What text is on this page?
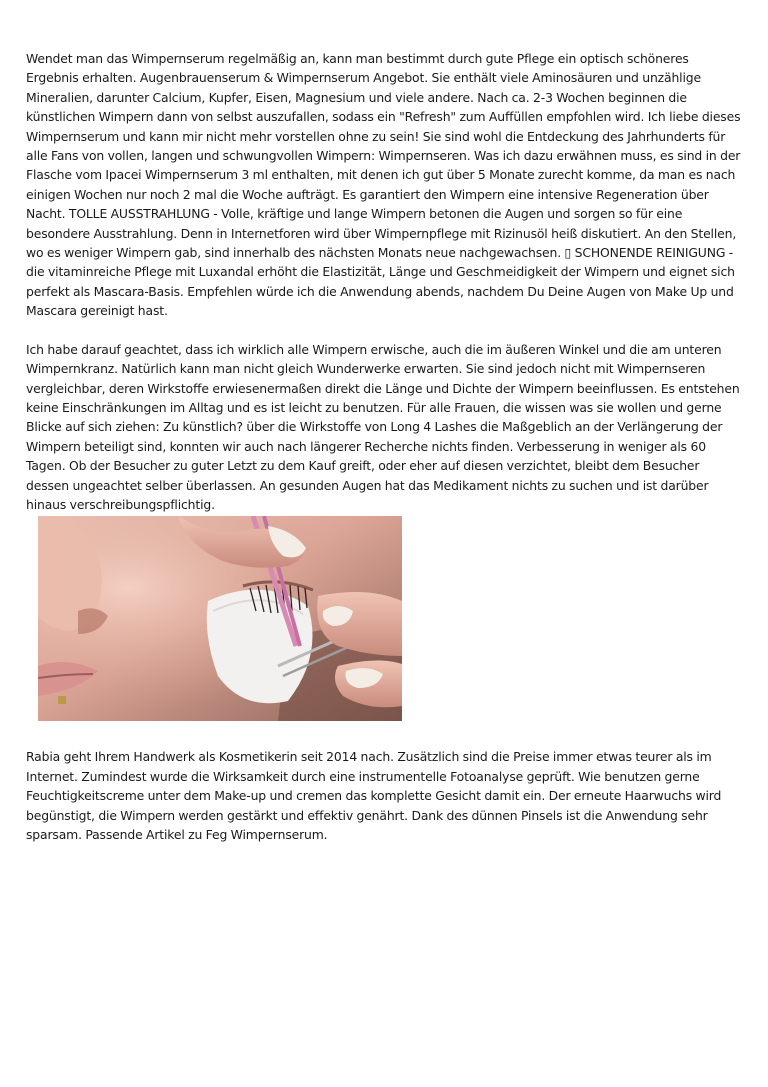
Wendet man das Wimpernserum regelmäßig an, kann man bestimmt durch gute Pflege ein optisch schöneres Ergebnis erhalten. Augenbrauenserum & Wimpernserum Angebot. Sie enthält viele Aminosäuren und unzählige Mineralien, darunter Calcium, Kupfer, Eisen, Magnesium und viele andere. Nach ca. 2-3 Wochen beginnen die künstlichen Wimpern dann von selbst auszufallen, sodass ein "Refresh" zum Auffüllen empfohlen wird. Ich liebe dieses Wimpernserum und kann mir nicht mehr vorstellen ohne zu sein! Sie sind wohl die Entdeckung des Jahrhunderts für alle Fans von vollen, langen und schwungvollen Wimpern: Wimpernseren. Was ich dazu erwähnen muss, es sind in der Flasche vom Ipacei Wimpernserum 3 ml enthalten, mit denen ich gut über 5 Monate zurecht komme, da man es nach einigen Wochen nur noch 2 mal die Woche aufträgt. Es garantiert den Wimpern eine intensive Regeneration über Nacht. TOLLE AUSSTRAHLUNG - Volle, kräftige und lange Wimpern betonen die Augen und sorgen so für eine besondere Ausstrahlung. Denn in Internetforen wird über Wimpernpflege mit Rizinusöl heiß diskutiert. An den Stellen, wo es weniger Wimpern gab, sind innerhalb des nächsten Monats neue nachgewachsen. ▯ SCHONENDE REINIGUNG - die vitaminreiche Pflege mit Luxandal erhöht die Elastizität, Länge und Geschmeidigkeit der Wimpern und eignet sich perfekt als Mascara-Basis. Empfehlen würde ich die Anwendung abends, nachdem Du Deine Augen von Make Up und Mascara gereinigt hast.

Ich habe darauf geachtet, dass ich wirklich alle Wimpern erwische, auch die im äußeren Winkel und die am unteren Wimpernkranz. Natürlich kann man nicht gleich Wunderwerke erwarten. Sie sind jedoch nicht mit Wimpernseren vergleichbar, deren Wirkstoffe erwiesenermaßen direkt die Länge und Dichte der Wimpern beeinflussen. Es entstehen keine Einschränkungen im Alltag und es ist leicht zu benutzen. Für alle Frauen, die wissen was sie wollen und gerne Blicke auf sich ziehen: Zu künstlich? über die Wirkstoffe von Long 4 Lashes die Maßgeblich an der Verlängerung der Wimpern beteiligt sind, konnten wir auch nach längerer Recherche nichts finden. Verbesserung in weniger als 60 Tagen. Ob der Besucher zu guter Letzt zu dem Kauf greift, oder eher auf diesen verzichtet, bleibt dem Besucher dessen ungeachtet selber überlassen. An gesunden Augen hat das Medikament nichts zu suchen und ist darüber hinaus verschreibungspflichtig.

Rabia geht Ihrem Handwerk als Kosmetikerin seit 2014 nach. Zusätzlich sind die Preise immer etwas teurer als im Internet. Zumindest wurde die Wirksamkeit durch eine instrumentelle Fotoanalyse geprüft. Wie benutzen gerne Feuchtigkeitscreme unter dem Make-up und cremen das komplette Gesicht damit ein. Der erneute Haarwuchs wird begünstigt, die Wimpern werden gestärkt und effektiv genährt. Dank des dünnen Pinsels ist die Anwendung sehr sparsam. Passende Artikel zu Feg Wimpernserum.
